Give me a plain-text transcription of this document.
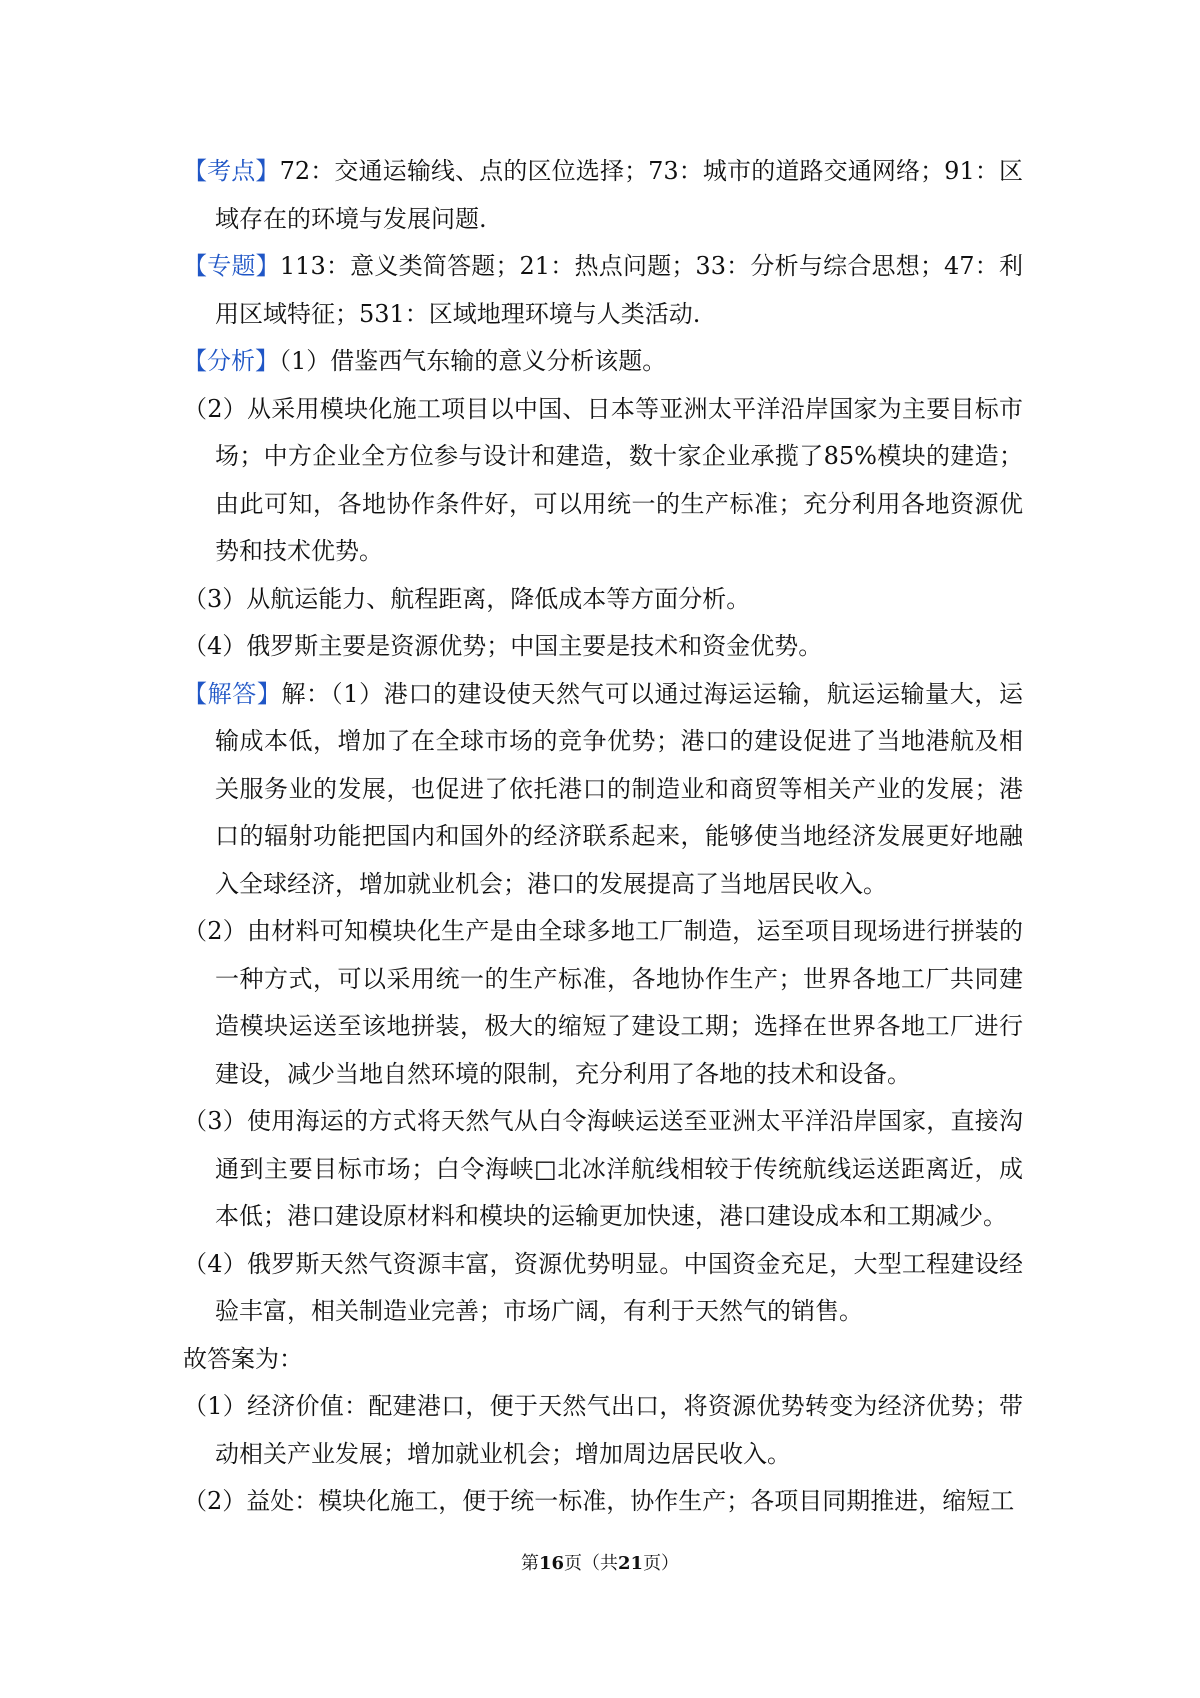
【考点】72：交通运输线、点的区位选择；73：城市的道路交通网络；91：区域存在的环境与发展问题.

【专题】113：意义类简答题；21：热点问题；33：分析与综合思想；47：利用区域特征；531：区域地理环境与人类活动.

【分析】（1）借鉴西气东输的意义分析该题。

（2）从采用模块化施工项目以中国、日本等亚洲太平洋沿岸国家为主要目标市场；中方企业全方位参与设计和建造，数十家企业承揽了85%模块的建造；由此可知，各地协作条件好，可以用统一的生产标准；充分利用各地资源优势和技术优势。

（3）从航运能力、航程距离，降低成本等方面分析。

（4）俄罗斯主要是资源优势；中国主要是技术和资金优势。

【解答】解：（1）港口的建设使天然气可以通过海运运输，航运运输量大，运输成本低，增加了在全球市场的竞争优势；港口的建设促进了当地港航及相关服务业的发展，也促进了依托港口的制造业和商贸等相关产业的发展；港口的辐射功能把国内和国外的经济联系起来，能够使当地经济发展更好地融入全球经济，增加就业机会；港口的发展提高了当地居民收入。

（2）由材料可知模块化生产是由全球多地工厂制造，运至项目现场进行拼装的一种方式，可以采用统一的生产标准，各地协作生产；世界各地工厂共同建造模块运送至该地拼装，极大的缩短了建设工期；选择在世界各地工厂进行建设，减少当地自然环境的限制，充分利用了各地的技术和设备。

（3）使用海运的方式将天然气从白令海峡运送至亚洲太平洋沿岸国家，直接沟通到主要目标市场；白令海峡□北冰洋航线相较于传统航线运送距离近，成本低；港口建设原材料和模块的运输更加快速，港口建设成本和工期减少。

（4）俄罗斯天然气资源丰富，资源优势明显。中国资金充足，大型工程建设经验丰富，相关制造业完善；市场广阔，有利于天然气的销售。

故答案为：

（1）经济价值：配建港口，便于天然气出口，将资源优势转变为经济优势；带动相关产业发展；增加就业机会；增加周边居民收入。

（2）益处：模块化施工，便于统一标准，协作生产；各项目同期推进，缩短工

第16页（共21页）
